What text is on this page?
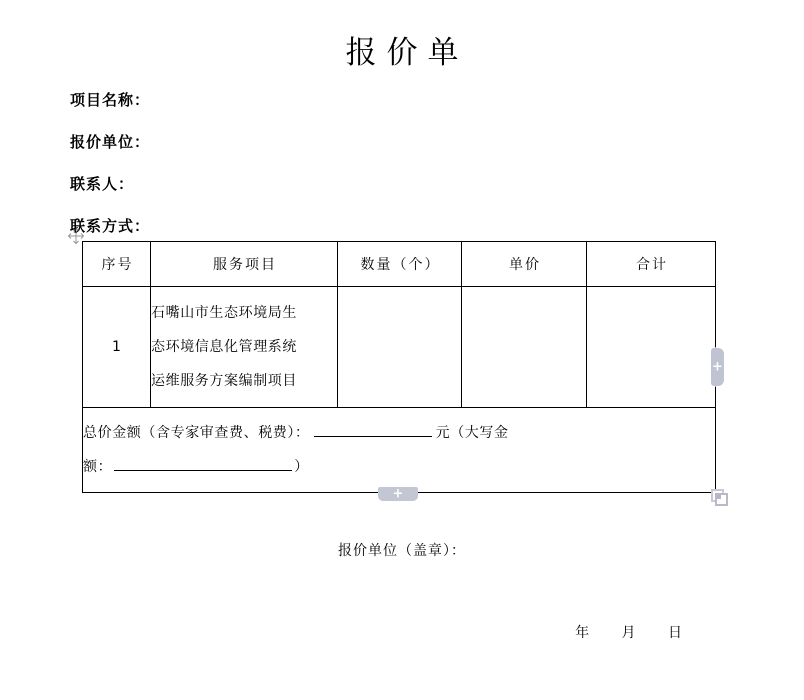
报价单
项目名称：
报价单位：
联系人：
联系方式：
序号	服务项目	数量（个）	单价	合计
1	石嘴山市生态环境局生
态环境信息化管理系统
运维服务方案编制项目			

总价金额（含专家审查费、税费）： 元（大写金
额： ）				
+
+
报价单位（盖章）：
年 月 日
